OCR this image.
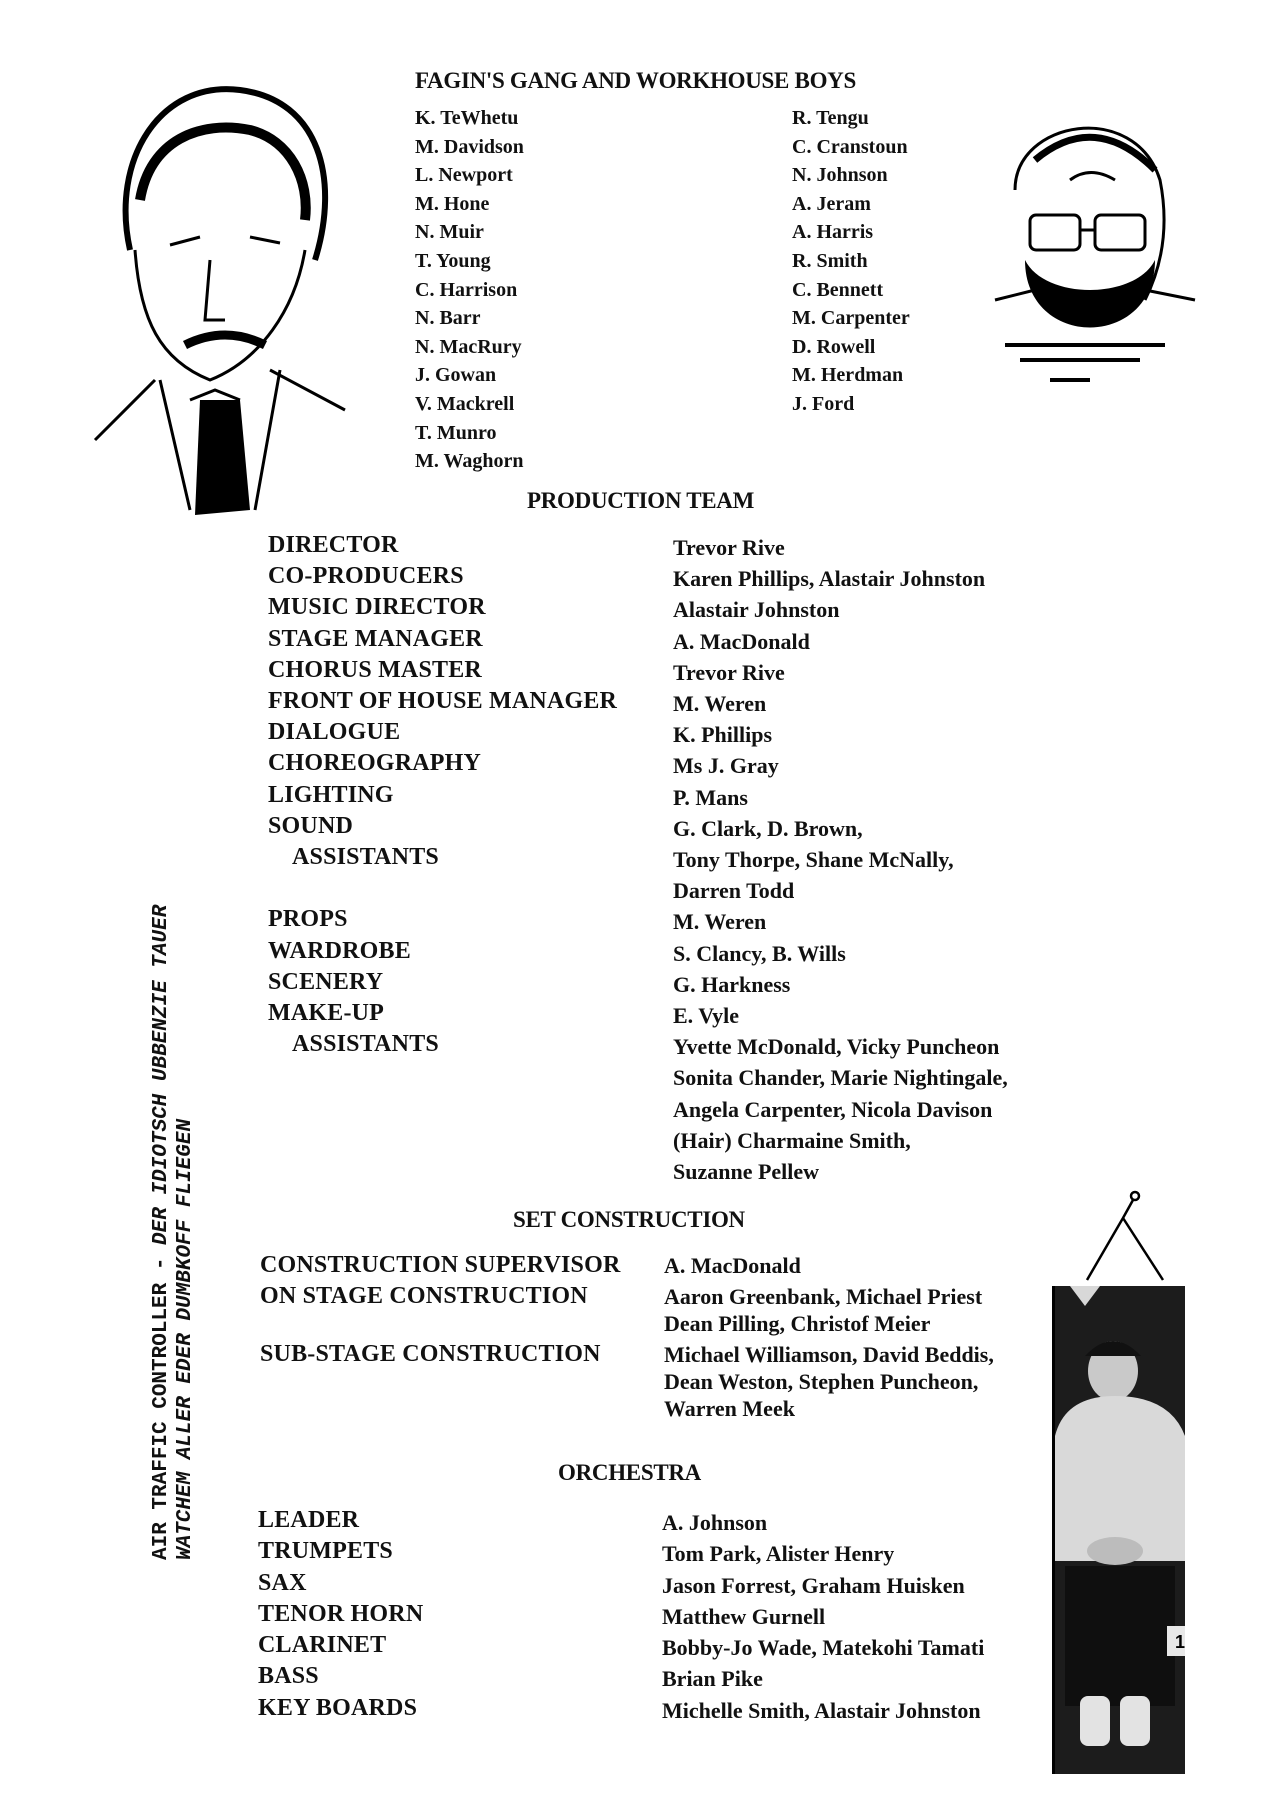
FAGIN'S GANG AND WORKHOUSE BOYS
K. TeWhetu
M. Davidson
L. Newport
M. Hone
N. Muir
T. Young
C. Harrison
N. Barr
N. MacRury
J. Gowan
V. Mackrell
T. Munro
M. Waghorn
R. Tengu
C. Cranstoun
N. Johnson
A. Jeram
A. Harris
R. Smith
C. Bennett
M. Carpenter
D. Rowell
M. Herdman
J. Ford
PRODUCTION TEAM
DIRECTOR	Trevor Rive
CO-PRODUCERS	Karen Phillips, Alastair Johnston
MUSIC DIRECTOR	Alastair Johnston
STAGE MANAGER	A. MacDonald
CHORUS MASTER	Trevor Rive
FRONT OF HOUSE MANAGER	M. Weren
DIALOGUE	K. Phillips
CHOREOGRAPHY	Ms J. Gray
LIGHTING	P. Mans
SOUND	G. Clark, D. Brown,
ASSISTANTS	Tony Thorpe, Shane McNally,
Darren Todd
PROPS	M. Weren
WARDROBE	S. Clancy, B. Wills
SCENERY	G. Harkness
MAKE-UP	E. Vyle
ASSISTANTS	Yvette McDonald, Vicky Puncheon
Sonita Chander, Marie Nightingale,
Angela Carpenter, Nicola Davison
(Hair) Charmaine Smith,
Suzanne Pellew
SET CONSTRUCTION
CONSTRUCTION SUPERVISOR A. MacDonald
ON STAGE CONSTRUCTION	Aaron Greenbank, Michael Priest
Dean Pilling, Christof Meier
SUB-STAGE CONSTRUCTION	Michael Williamson, David Beddis,
Dean Weston, Stephen Puncheon,
Warren Meek
ORCHESTRA
LEADER	A. Johnson
TRUMPETS	Tom Park, Alister Henry
SAX	Jason Forrest, Graham Huisken
TENOR HORN	Matthew Gurnell
CLARINET	Bobby-Jo Wade, Matekohi Tamati
BASS	Brian Pike
KEY BOARDS	Michelle Smith, Alastair Johnston
AIR TRAFFIC CONTROLLER - DER IDIOTSCH UBBENZIE TAUER
WATCHEM ALLER EDER DUMBKOFF FLIEGEN
1
